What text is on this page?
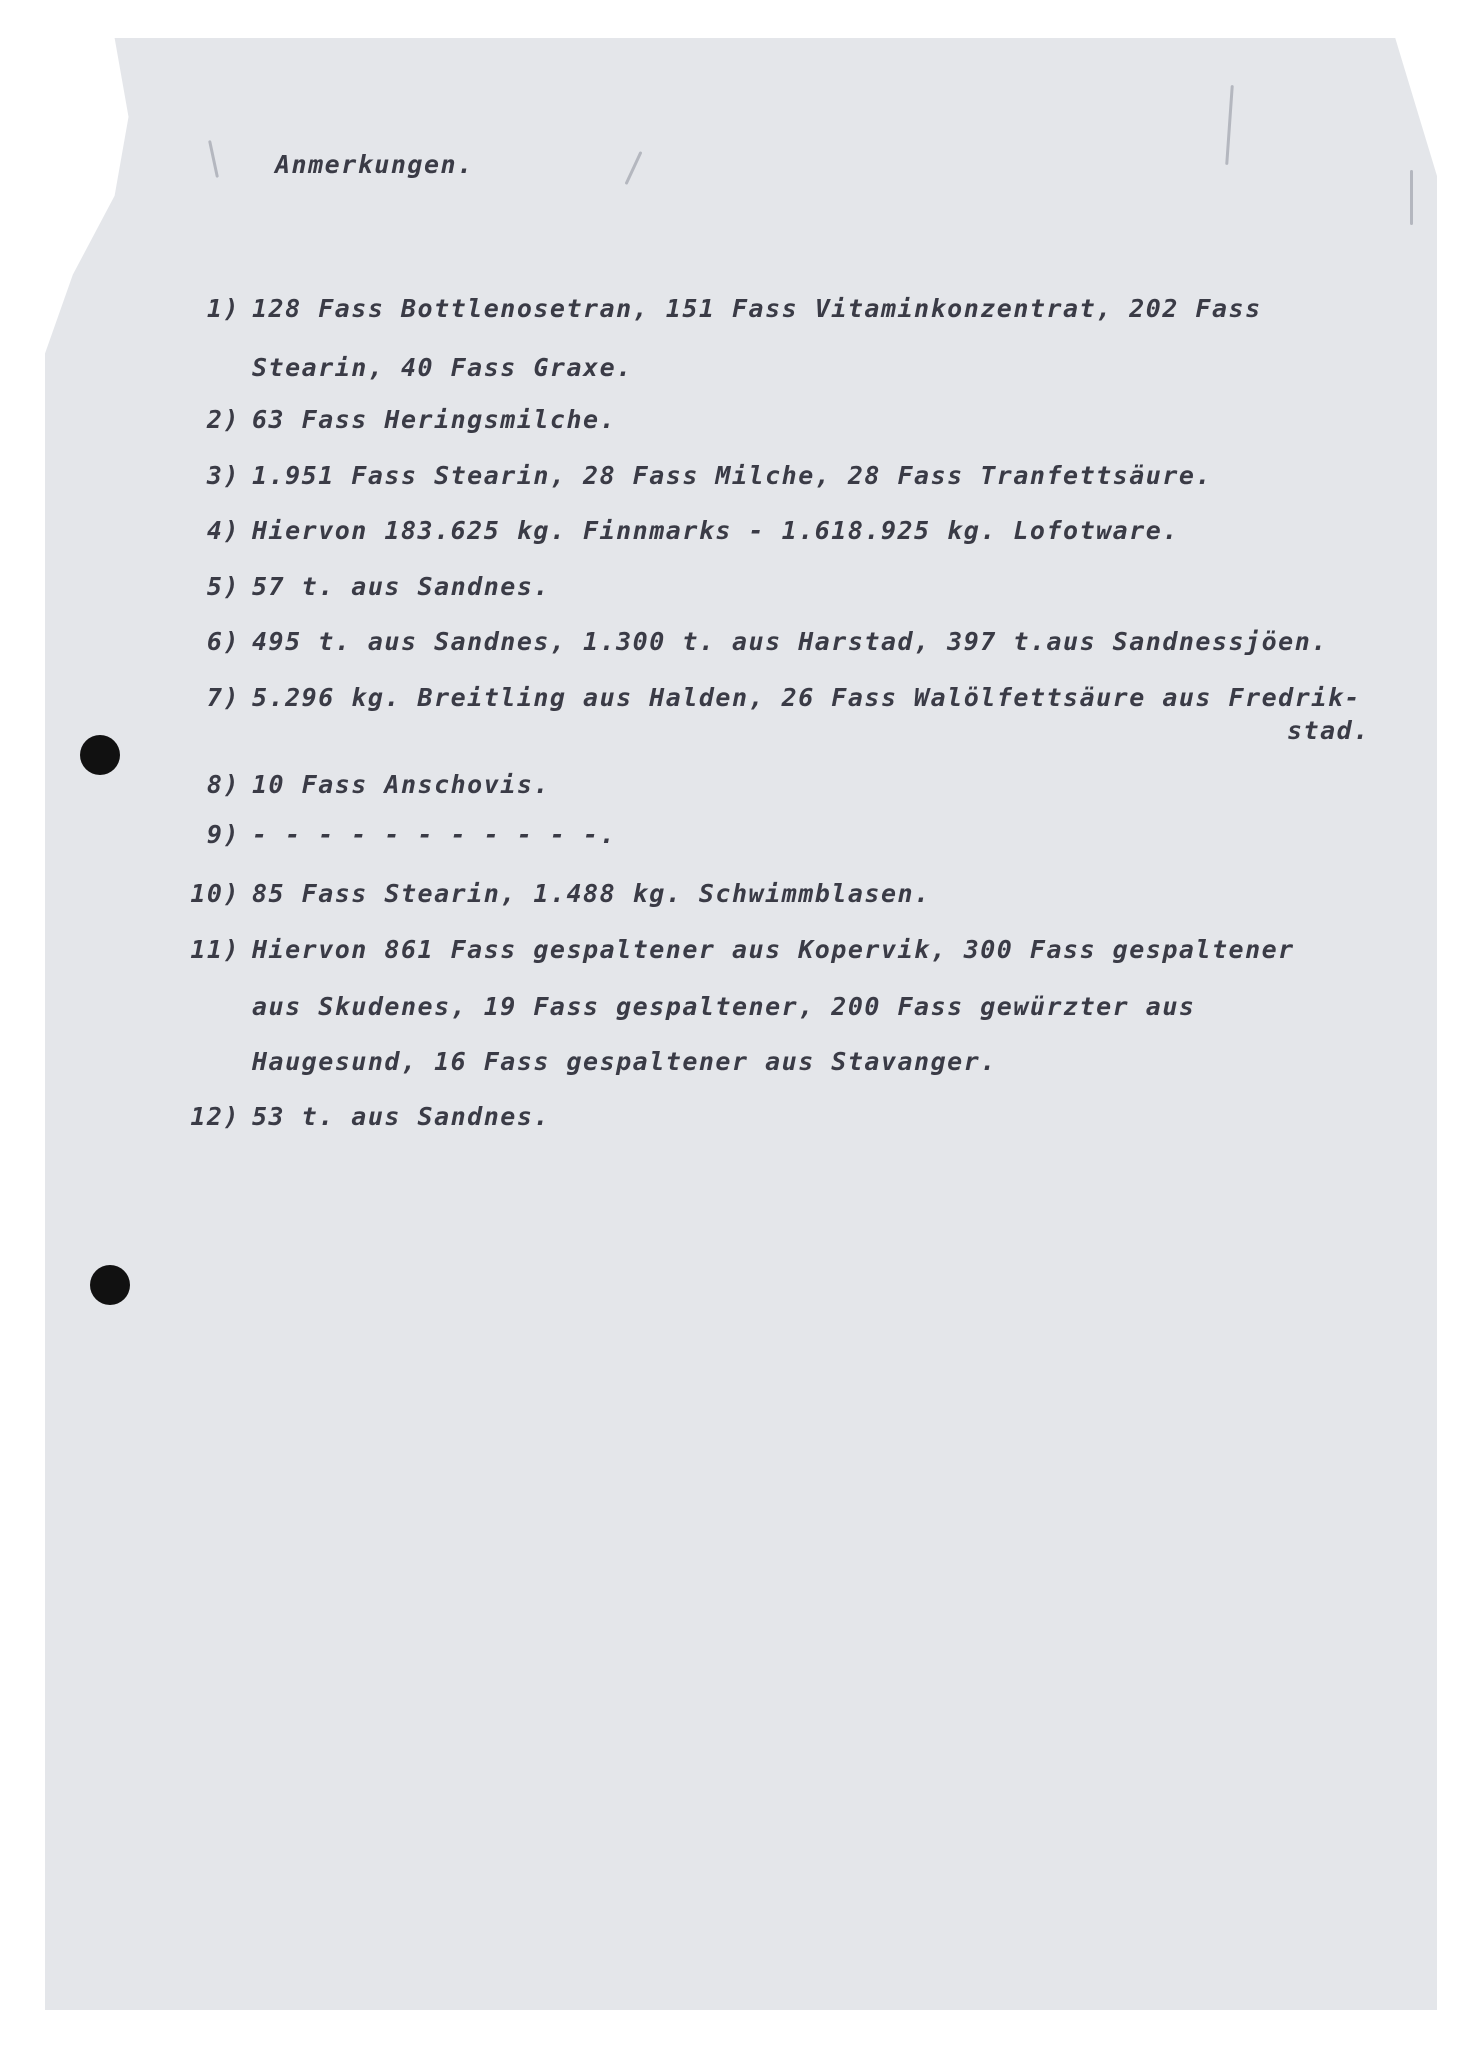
Anmerkungen.
1) 128 Fass Bottlenosetran, 151 Fass Vitaminkonzentrat, 202 Fass
Stearin, 40 Fass Graxe.
2) 63 Fass Heringsmilche.
3) 1.951 Fass Stearin, 28 Fass Milche, 28 Fass Tranfettsäure.
4) Hiervon 183.625 kg. Finnmarks - 1.618.925 kg. Lofotware.
5) 57 t. aus Sandnes.
6) 495 t. aus Sandnes, 1.300 t. aus Harstad, 397 t.aus Sandnessjöen.
7) 5.296 kg. Breitling aus Halden, 26 Fass Walölfettsäure aus Fredrik-
stad.
8) 10 Fass Anschovis.
9) - - - - - - - - - - -.
10) 85 Fass Stearin, 1.488 kg. Schwimmblasen.
11) Hiervon 861 Fass gespaltener aus Kopervik, 300 Fass gespaltener
aus Skudenes, 19 Fass gespaltener, 200 Fass gewürzter aus
Haugesund, 16 Fass gespaltener aus Stavanger.
12) 53 t. aus Sandnes.
